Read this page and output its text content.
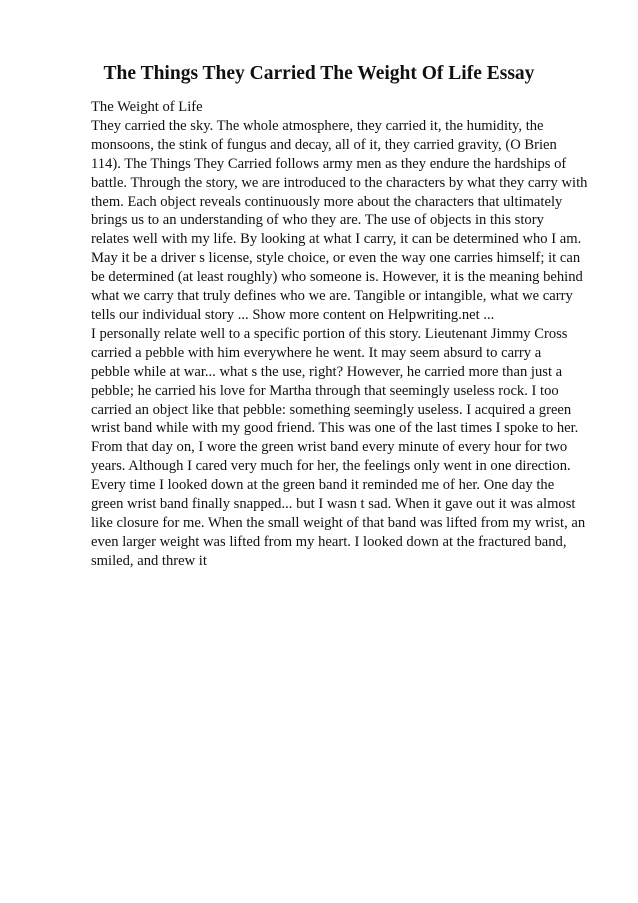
The Things They Carried The Weight Of Life Essay
The Weight of Life
They carried the sky. The whole atmosphere, they carried it, the humidity, the
monsoons, the stink of fungus and decay, all of it, they carried gravity, (O Brien
114). The Things They Carried follows army men as they endure the hardships of
battle. Through the story, we are introduced to the characters by what they carry with
them. Each object reveals continuously more about the characters that ultimately
brings us to an understanding of who they are. The use of objects in this story
relates well with my life. By looking at what I carry, it can be determined who I am.
May it be a driver s license, style choice, or even the way one carries himself; it can
be determined (at least roughly) who someone is. However, it is the meaning behind
what we carry that truly defines who we are. Tangible or intangible, what we carry
tells our individual story ... Show more content on Helpwriting.net ...
I personally relate well to a specific portion of this story. Lieutenant Jimmy Cross
carried a pebble with him everywhere he went. It may seem absurd to carry a
pebble while at war... what s the use, right? However, he carried more than just a
pebble; he carried his love for Martha through that seemingly useless rock. I too
carried an object like that pebble: something seemingly useless. I acquired a green
wrist band while with my good friend. This was one of the last times I spoke to her.
From that day on, I wore the green wrist band every minute of every hour for two
years. Although I cared very much for her, the feelings only went in one direction.
Every time I looked down at the green band it reminded me of her. One day the
green wrist band finally snapped... but I wasn t sad. When it gave out it was almost
like closure for me. When the small weight of that band was lifted from my wrist, an
even larger weight was lifted from my heart. I looked down at the fractured band,
smiled, and threw it
